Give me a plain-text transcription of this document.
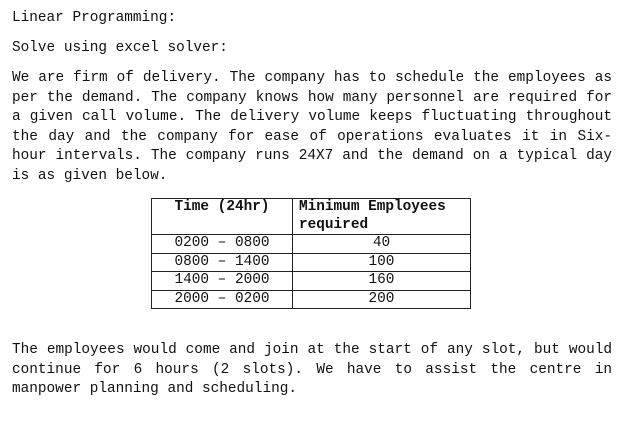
Linear Programming:
Solve using excel solver:

We are firm of delivery. The company has to schedule the employees as per the demand. The company knows how many personnel are required for a given call volume. The delivery volume keeps fluctuating throughout the day and the company for ease of operations evaluates it in Six-hour intervals. The company runs 24X7 and the demand on a typical day is as given below.

Time (24hr)	Minimum Employees required
0200 – 0800	40
0800 – 1400	100
1400 – 2000	160
2000 – 0200	200

The employees would come and join at the start of any slot, but would continue for 6 hours (2 slots). We have to assist the centre in manpower planning and scheduling.
